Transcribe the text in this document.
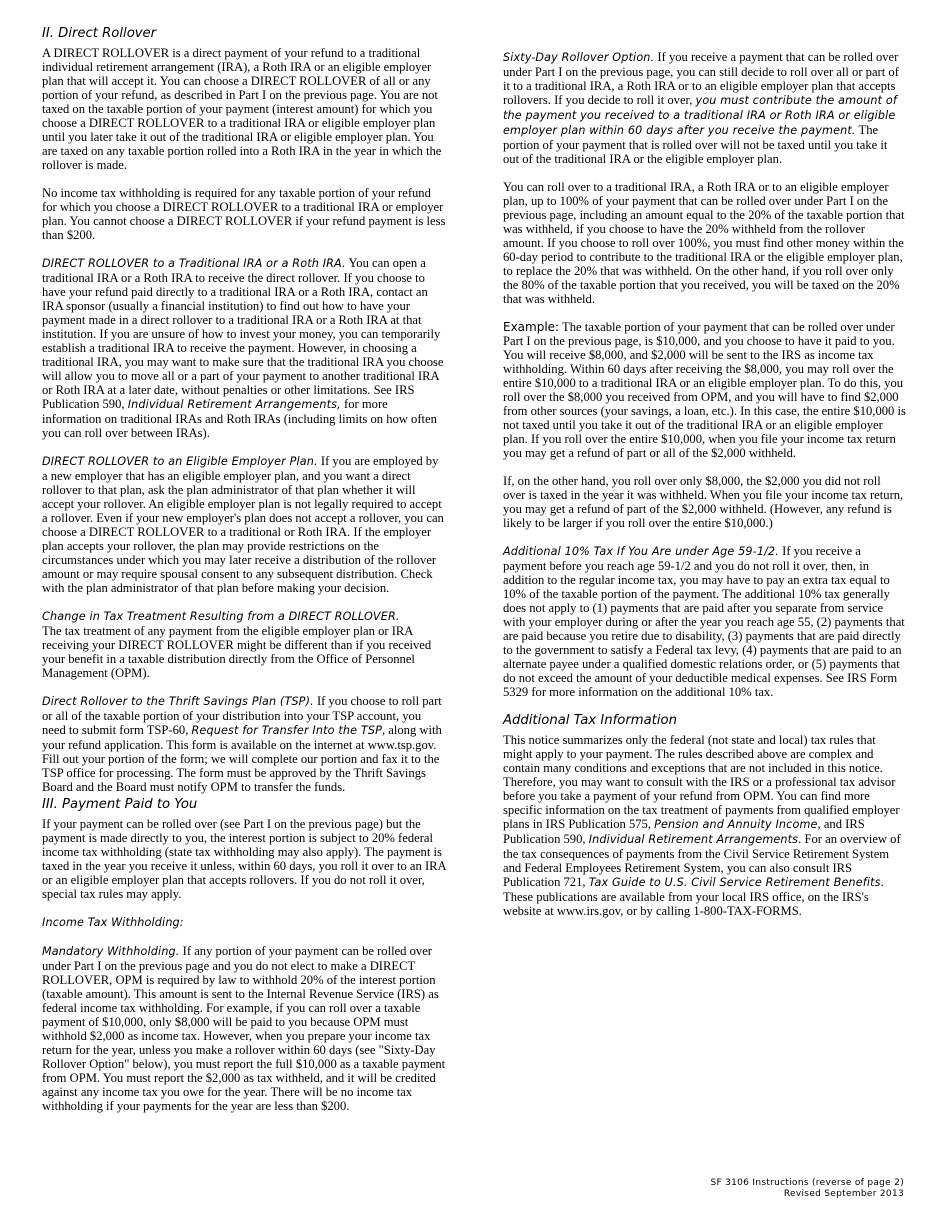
II. Direct Rollover

A DIRECT ROLLOVER is a direct payment of your refund to a traditional individual retirement arrangement (IRA), a Roth IRA or an eligible employer plan that will accept it. You can choose a DIRECT ROLLOVER of all or any portion of your refund, as described in Part I on the previous page. You are not taxed on the taxable portion of your payment (interest amount) for which you choose a DIRECT ROLLOVER to a traditional IRA or eligible employer plan until you later take it out of the traditional IRA or eligible employer plan. You are taxed on any taxable portion rolled into a Roth IRA in the year in which the rollover is made.

No income tax withholding is required for any taxable portion of your refund for which you choose a DIRECT ROLLOVER to a traditional IRA or employer plan. You cannot choose a DIRECT ROLLOVER if your refund payment is less than $200.

DIRECT ROLLOVER to a Traditional IRA or a Roth IRA. You can open a traditional IRA or a Roth IRA to receive the direct rollover. If you choose to have your refund paid directly to a traditional IRA or a Roth IRA, contact an IRA sponsor (usually a financial institution) to find out how to have your payment made in a direct rollover to a traditional IRA or a Roth IRA at that institution. If you are unsure of how to invest your money, you can temporarily establish a traditional IRA to receive the payment. However, in choosing a traditional IRA, you may want to make sure that the traditional IRA you choose will allow you to move all or a part of your payment to another traditional IRA or Roth IRA at a later date, without penalties or other limitations. See IRS Publication 590, Individual Retirement Arrangements, for more information on traditional IRAs and Roth IRAs (including limits on how often you can roll over between IRAs).

DIRECT ROLLOVER to an Eligible Employer Plan. If you are employed by a new employer that has an eligible employer plan, and you want a direct rollover to that plan, ask the plan administrator of that plan whether it will accept your rollover. An eligible employer plan is not legally required to accept a rollover. Even if your new employer's plan does not accept a rollover, you can choose a DIRECT ROLLOVER to a traditional or Roth IRA. If the employer plan accepts your rollover, the plan may provide restrictions on the circumstances under which you may later receive a distribution of the rollover amount or may require spousal consent to any subsequent distribution. Check with the plan administrator of that plan before making your decision.

Change in Tax Treatment Resulting from a DIRECT ROLLOVER.
The tax treatment of any payment from the eligible employer plan or IRA receiving your DIRECT ROLLOVER might be different than if you received your benefit in a taxable distribution directly from the Office of Personnel Management (OPM).

Direct Rollover to the Thrift Savings Plan (TSP). If you choose to roll part or all of the taxable portion of your distribution into your TSP account, you need to submit form TSP-60, Request for Transfer Into the TSP, along with your refund application. This form is available on the internet at www.tsp.gov. Fill out your portion of the form; we will complete our portion and fax it to the TSP office for processing. The form must be approved by the Thrift Savings Board and the Board must notify OPM to transfer the funds.

III. Payment Paid to You

If your payment can be rolled over (see Part I on the previous page) but the payment is made directly to you, the interest portion is subject to 20% federal income tax withholding (state tax withholding may also apply). The payment is taxed in the year you receive it unless, within 60 days, you roll it over to an IRA or an eligible employer plan that accepts rollovers. If you do not roll it over, special tax rules may apply.

Income Tax Withholding:

Mandatory Withholding. If any portion of your payment can be rolled over under Part I on the previous page and you do not elect to make a DIRECT ROLLOVER, OPM is required by law to withhold 20% of the interest portion (taxable amount). This amount is sent to the Internal Revenue Service (IRS) as federal income tax withholding. For example, if you can roll over a taxable payment of $10,000, only $8,000 will be paid to you because OPM must withhold $2,000 as income tax. However, when you prepare your income tax return for the year, unless you make a rollover within 60 days (see "Sixty-Day Rollover Option" below), you must report the full $10,000 as a taxable payment from OPM. You must report the $2,000 as tax withheld, and it will be credited against any income tax you owe for the year. There will be no income tax withholding if your payments for the year are less than $200.

Sixty-Day Rollover Option. If you receive a payment that can be rolled over under Part I on the previous page, you can still decide to roll over all or part of it to a traditional IRA, a Roth IRA or to an eligible employer plan that accepts rollovers. If you decide to roll it over, you must contribute the amount of the payment you received to a traditional IRA or Roth IRA or eligible employer plan within 60 days after you receive the payment. The portion of your payment that is rolled over will not be taxed until you take it out of the traditional IRA or the eligible employer plan.

You can roll over to a traditional IRA, a Roth IRA or to an eligible employer plan, up to 100% of your payment that can be rolled over under Part I on the previous page, including an amount equal to the 20% of the taxable portion that was withheld, if you choose to have the 20% withheld from the rollover amount. If you choose to roll over 100%, you must find other money within the 60-day period to contribute to the traditional IRA or the eligible employer plan, to replace the 20% that was withheld. On the other hand, if you roll over only the 80% of the taxable portion that you received, you will be taxed on the 20% that was withheld.

Example: The taxable portion of your payment that can be rolled over under Part I on the previous page, is $10,000, and you choose to have it paid to you. You will receive $8,000, and $2,000 will be sent to the IRS as income tax withholding. Within 60 days after receiving the $8,000, you may roll over the entire $10,000 to a traditional IRA or an eligible employer plan. To do this, you roll over the $8,000 you received from OPM, and you will have to find $2,000 from other sources (your savings, a loan, etc.). In this case, the entire $10,000 is not taxed until you take it out of the traditional IRA or an eligible employer plan. If you roll over the entire $10,000, when you file your income tax return you may get a refund of part or all of the $2,000 withheld.

If, on the other hand, you roll over only $8,000, the $2,000 you did not roll over is taxed in the year it was withheld. When you file your income tax return, you may get a refund of part of the $2,000 withheld. (However, any refund is likely to be larger if you roll over the entire $10,000.)

Additional 10% Tax If You Are under Age 59-1/2. If you receive a payment before you reach age 59-1/2 and you do not roll it over, then, in addition to the regular income tax, you may have to pay an extra tax equal to 10% of the taxable portion of the payment. The additional 10% tax generally does not apply to (1) payments that are paid after you separate from service with your employer during or after the year you reach age 55, (2) payments that are paid because you retire due to disability, (3) payments that are paid directly to the government to satisfy a Federal tax levy, (4) payments that are paid to an alternate payee under a qualified domestic relations order, or (5) payments that do not exceed the amount of your deductible medical expenses. See IRS Form 5329 for more information on the additional 10% tax.

Additional Tax Information

This notice summarizes only the federal (not state and local) tax rules that might apply to your payment. The rules described above are complex and contain many conditions and exceptions that are not included in this notice. Therefore, you may want to consult with the IRS or a professional tax advisor before you take a payment of your refund from OPM. You can find more specific information on the tax treatment of payments from qualified employer plans in IRS Publication 575, Pension and Annuity Income, and IRS Publication 590, Individual Retirement Arrangements. For an overview of the tax consequences of payments from the Civil Service Retirement System and Federal Employees Retirement System, you can also consult IRS Publication 721, Tax Guide to U.S. Civil Service Retirement Benefits. These publications are available from your local IRS office, on the IRS's website at www.irs.gov, or by calling 1-800-TAX-FORMS.

SF 3106 Instructions (reverse of page 2)
Revised September 2013
